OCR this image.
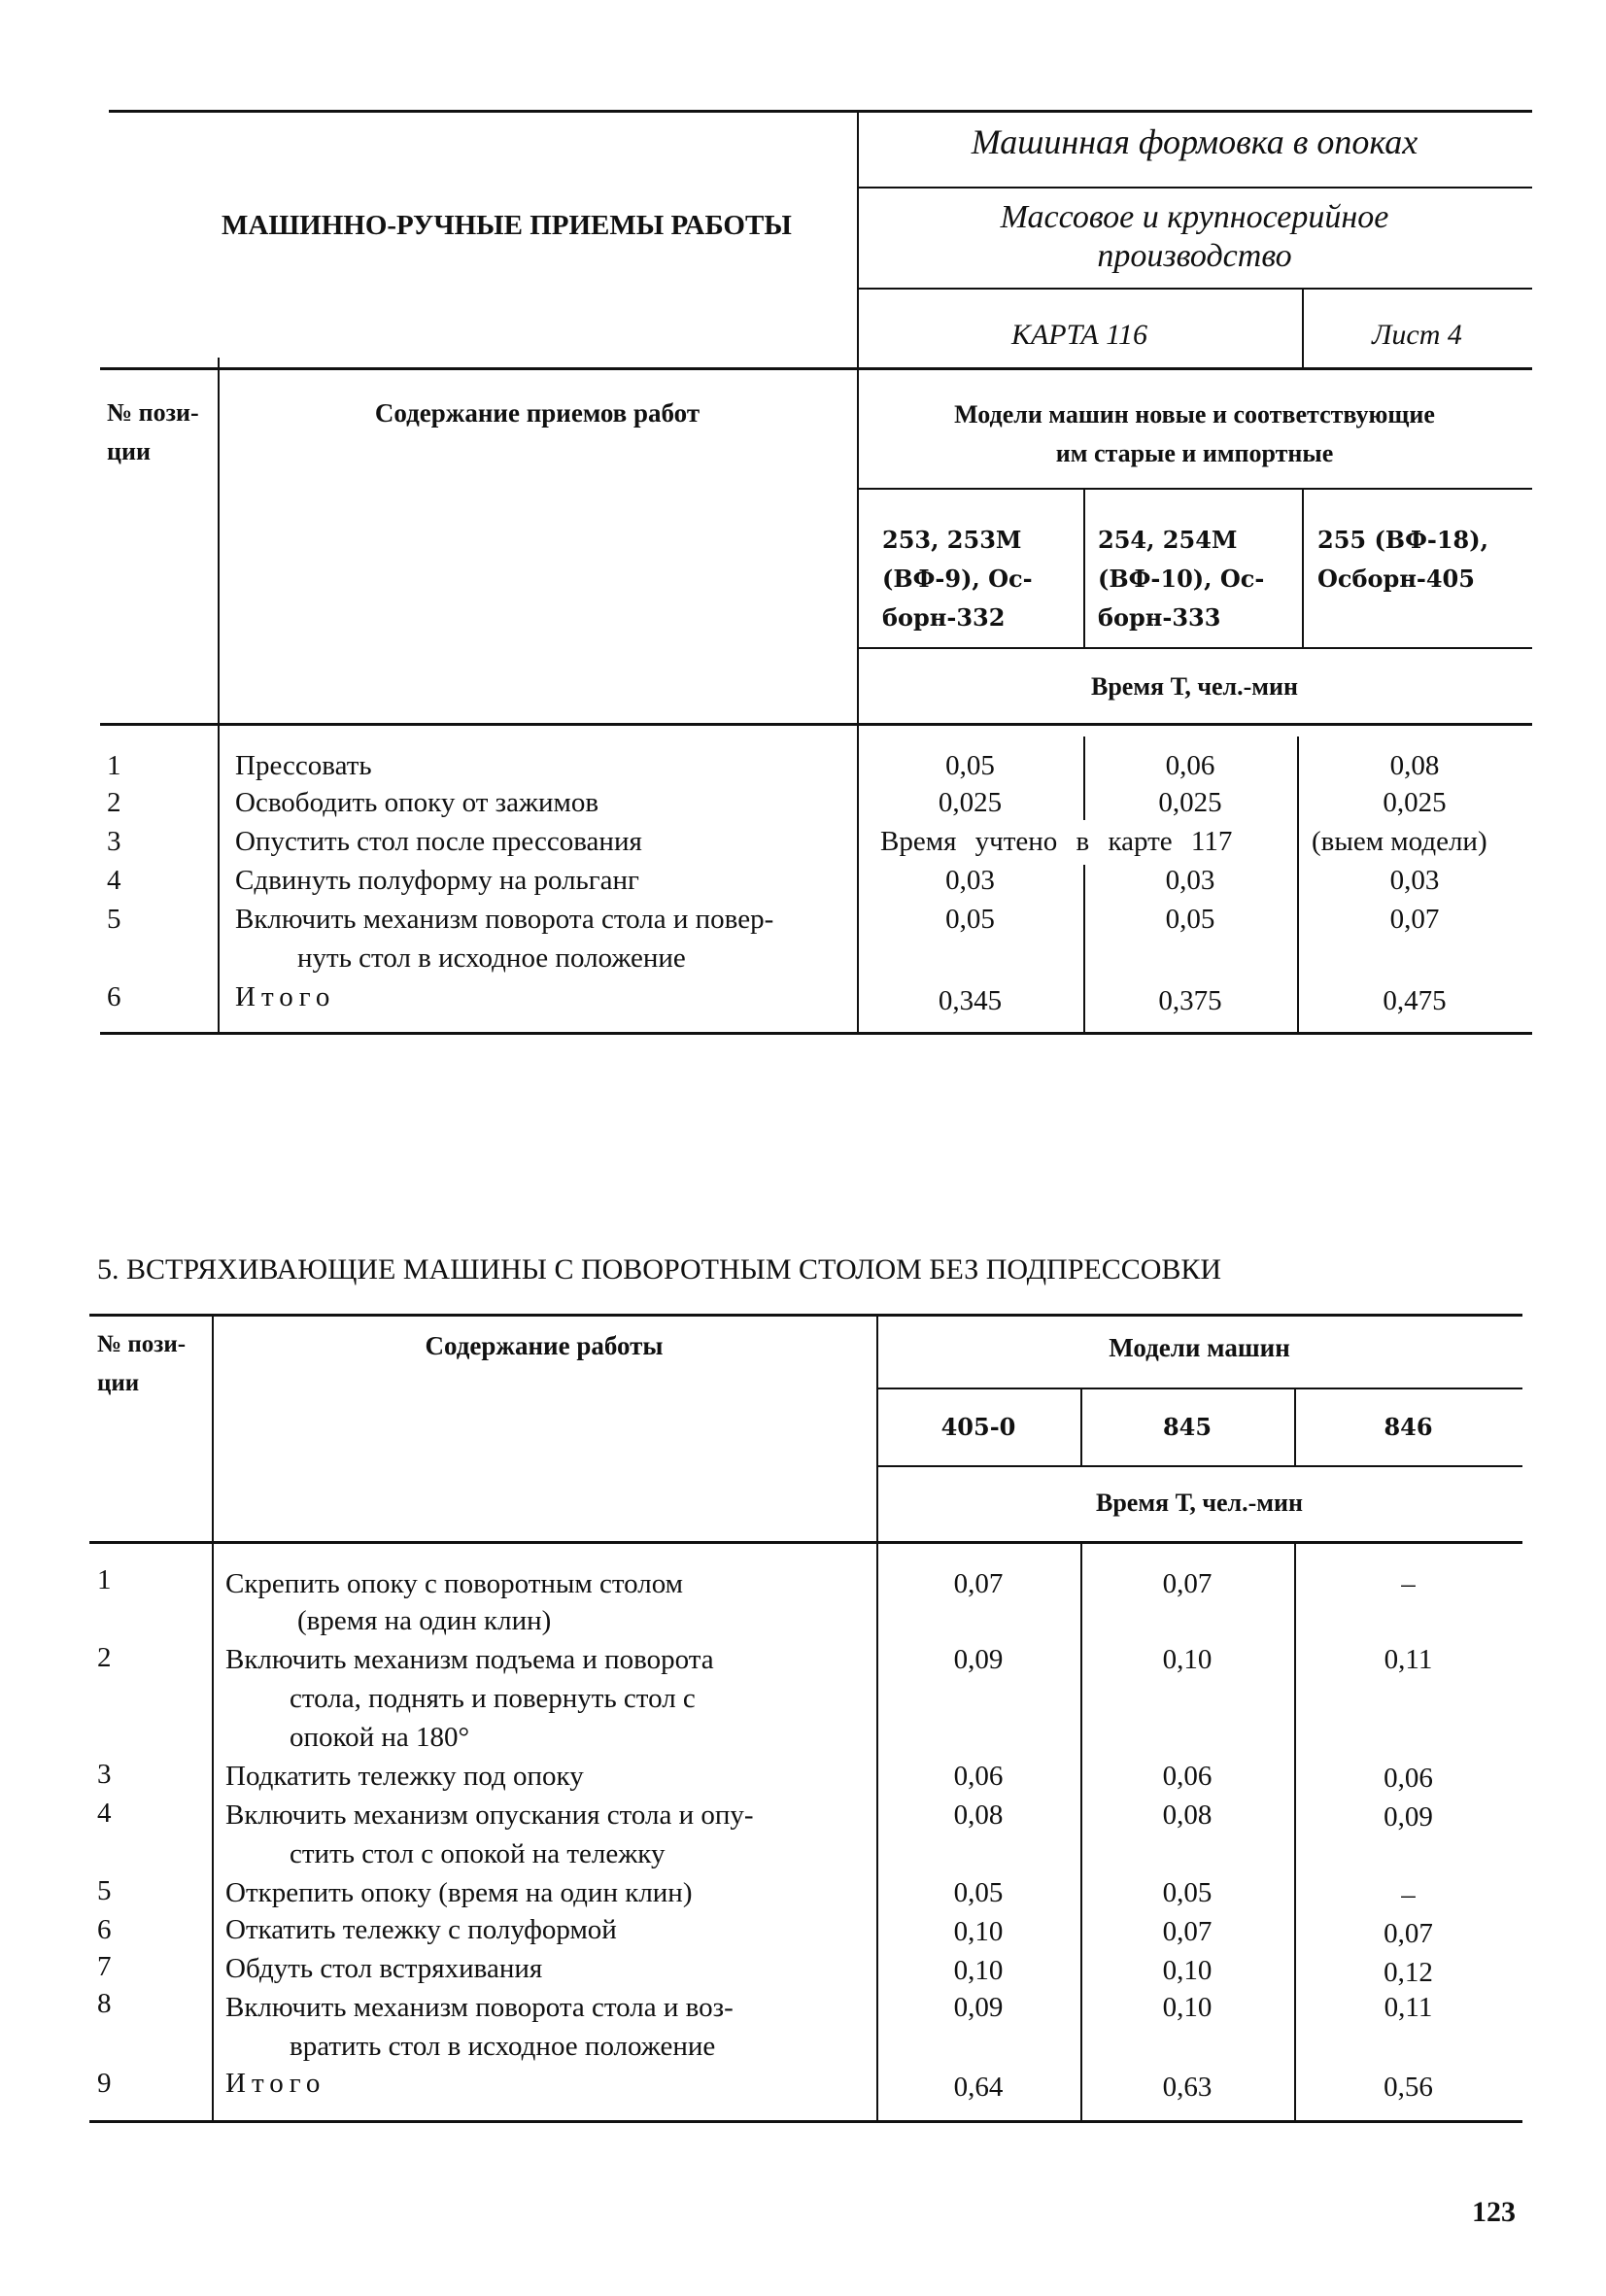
МАШИННО-РУЧНЫЕ ПРИЕМЫ РАБОТЫ
Машинная формовка в опоках
Массовое и крупносерийное
производство
КАРТА 116	Лист 4
№ пози-
ции
Содержание приемов работ	Модели машин новые и соответствующие
им старые и импортные
253, 253М
(ВФ-9), Ос-
борн-332
254, 254М
(ВФ-10), Ос-
борн-333
255 (ВФ-18),
Осборн-405
Время Т, чел.-мин
1	Прессовать	0,05	0,06	0,08
2	Освободить опоку от зажимов	0,025	0,025	0,025
3	Опустить стол после прессования	Время учтено в карте 117	(выем модели)
4	Сдвинуть полуформу на рольганг	0,03	0,03	0,03
5	Включить механизм поворота стола и повер-
нуть стол в исходное положение
0,05	0,05	0,07
6	Итого	0,345	0,375	0,475
5. ВСТРЯХИВАЮЩИЕ МАШИНЫ С ПОВОРОТНЫМ СТОЛОМ БЕЗ ПОДПРЕССОВКИ
№ пози-
ции
Содержание работы	Модели машин
405-0	845	846
Время Т, чел.-мин
1	Скрепить опоку с поворотным столом
(время на один клин)
0,07	0,07	–
2	Включить механизм подъема и поворота
стола, поднять и повернуть стол с
опокой на 180°
0,09	0,10	0,11
3	Подкатить тележку под опоку	0,06	0,06	0,06
4	Включить механизм опускания стола и опу-
стить стол с опокой на тележку
0,08	0,08	0,09
5	Открепить опоку (время на один клин)	0,05	0,05	–
6	Откатить тележку с полуформой	0,10	0,07	0,07
7	Обдуть стол встряхивания	0,10	0,10	0,12
8	Включить механизм поворота стола и воз-
вратить стол в исходное положение
0,09	0,10	0,11
9	Итого	0,64	0,63	0,56
123
